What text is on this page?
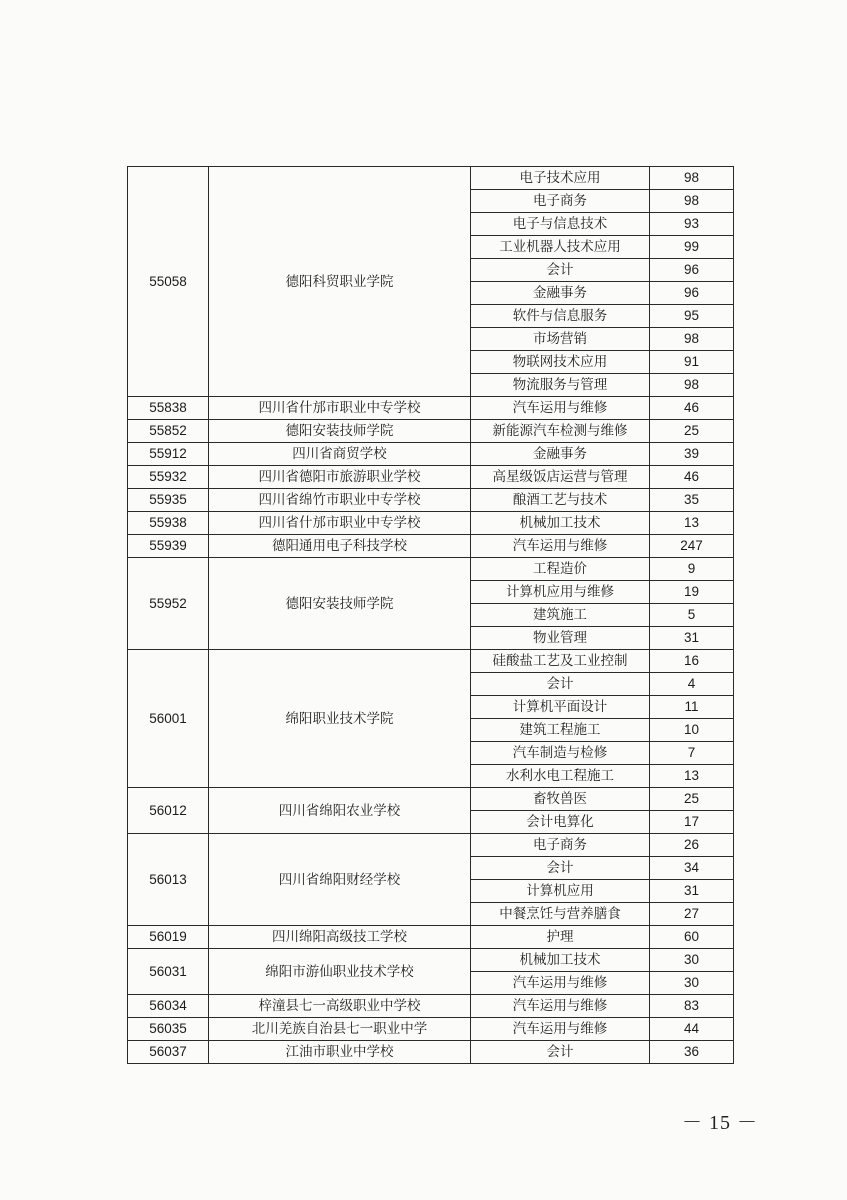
55058	德阳科贸职业学院	电子技术应用	98
		电子商务	98
		电子与信息技术	93
		工业机器人技术应用	99
		会计	96
		金融事务	96
		软件与信息服务	95
		市场营销	98
		物联网技术应用	91
		物流服务与管理	98
55838	四川省什邡市职业中专学校	汽车运用与维修	46
55852	德阳安装技师学院	新能源汽车检测与维修	25
55912	四川省商贸学校	金融事务	39
55932	四川省德阳市旅游职业学校	高星级饭店运营与管理	46
55935	四川省绵竹市职业中专学校	酿酒工艺与技术	35
55938	四川省什邡市职业中专学校	机械加工技术	13
55939	德阳通用电子科技学校	汽车运用与维修	247
55952	德阳安装技师学院	工程造价	9
		计算机应用与维修	19
		建筑施工	5
		物业管理	31
56001	绵阳职业技术学院	硅酸盐工艺及工业控制	16
		会计	4
		计算机平面设计	11
		建筑工程施工	10
		汽车制造与检修	7
		水利水电工程施工	13
56012	四川省绵阳农业学校	畜牧兽医	25
		会计电算化	17
56013	四川省绵阳财经学校	电子商务	26
		会计	34
		计算机应用	31
		中餐烹饪与营养膳食	27
56019	四川绵阳高级技工学校	护理	60
56031	绵阳市游仙职业技术学校	机械加工技术	30
		汽车运用与维修	30
56034	梓潼县七一高级职业中学校	汽车运用与维修	83
56035	北川羌族自治县七一职业中学	汽车运用与维修	44
56037	江油市职业中学校	会计	36
－ 15 －
